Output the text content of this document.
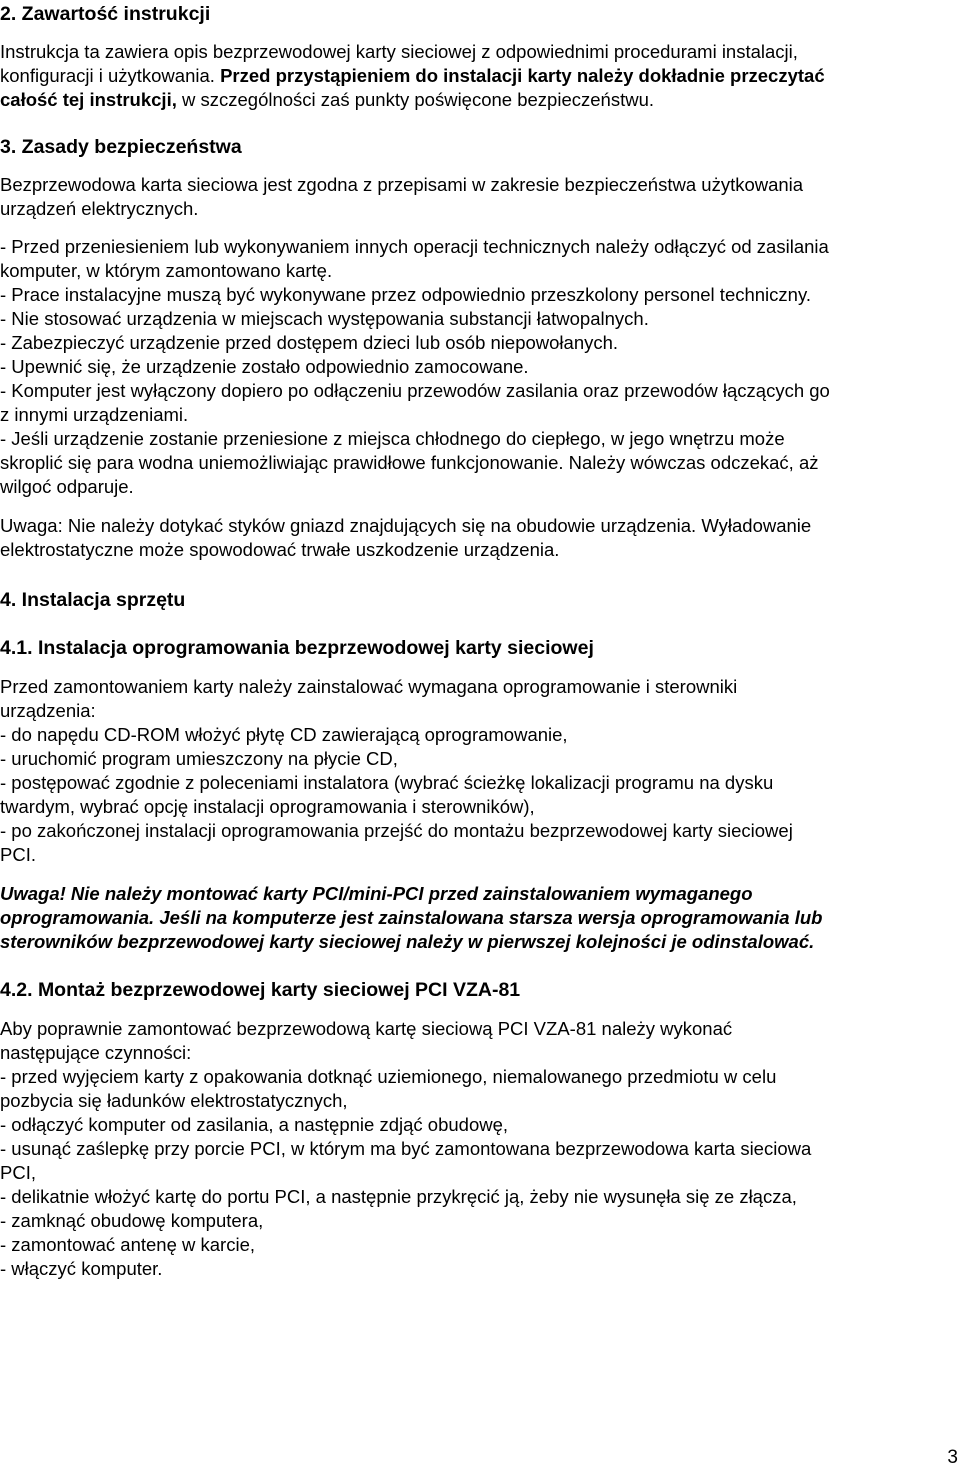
2. Zawartość instrukcji

Instrukcja ta zawiera opis bezprzewodowej karty sieciowej z odpowiednimi procedurami instalacji,

konfiguracji i użytkowania. Przed przystąpieniem do instalacji karty należy dokładnie przeczytać

całość tej instrukcji, w szczególności zaś punkty poświęcone bezpieczeństwu.

3. Zasady bezpieczeństwa

Bezprzewodowa karta sieciowa jest zgodna z przepisami w zakresie bezpieczeństwa użytkowania

urządzeń elektrycznych.

- Przed przeniesieniem lub wykonywaniem innych operacji technicznych należy odłączyć od zasilania

komputer, w którym zamontowano kartę.

- Prace instalacyjne muszą być wykonywane przez odpowiednio przeszkolony personel techniczny.

- Nie stosować urządzenia w miejscach występowania substancji łatwopalnych.

- Zabezpieczyć urządzenie przed dostępem dzieci lub osób niepowołanych.

- Upewnić się, że urządzenie zostało odpowiednio zamocowane.

- Komputer jest wyłączony dopiero po odłączeniu przewodów zasilania oraz przewodów łączących go

z innymi urządzeniami.

- Jeśli urządzenie zostanie przeniesione z miejsca chłodnego do ciepłego, w jego wnętrzu może

skroplić się para wodna uniemożliwiając prawidłowe funkcjonowanie. Należy wówczas odczekać, aż

wilgoć odparuje.

Uwaga: Nie należy dotykać styków gniazd znajdujących się na obudowie urządzenia. Wyładowanie

elektrostatyczne może spowodować trwałe uszkodzenie urządzenia.

4. Instalacja sprzętu

4.1. Instalacja oprogramowania bezprzewodowej karty sieciowej

Przed zamontowaniem karty należy zainstalować wymagana oprogramowanie i sterowniki

urządzenia:

- do napędu CD-ROM włożyć płytę CD zawierającą oprogramowanie,

- uruchomić program umieszczony na płycie CD,

- postępować zgodnie z poleceniami instalatora (wybrać ścieżkę lokalizacji programu na dysku

twardym, wybrać opcję instalacji oprogramowania i sterowników),

- po zakończonej instalacji oprogramowania przejść do montażu bezprzewodowej karty sieciowej

PCI.

Uwaga! Nie należy montować karty PCI/mini-PCI przed zainstalowaniem wymaganego

oprogramowania. Jeśli na komputerze jest zainstalowana starsza wersja oprogramowania lub

sterowników bezprzewodowej karty sieciowej należy w pierwszej kolejności je odinstalować.

4.2. Montaż bezprzewodowej karty sieciowej PCI VZA-81

Aby poprawnie zamontować bezprzewodową kartę sieciową PCI VZA-81 należy wykonać

następujące czynności:

- przed wyjęciem karty z opakowania dotknąć uziemionego, niemalowanego przedmiotu w celu

pozbycia się ładunków elektrostatycznych,

- odłączyć komputer od zasilania, a następnie zdjąć obudowę,

- usunąć zaślepkę przy porcie PCI, w którym ma być zamontowana bezprzewodowa karta sieciowa

PCI,

- delikatnie włożyć kartę do portu PCI, a następnie przykręcić ją, żeby nie wysunęła się ze złącza,

- zamknąć obudowę komputera,

- zamontować antenę w karcie,

- włączyć komputer.

3
